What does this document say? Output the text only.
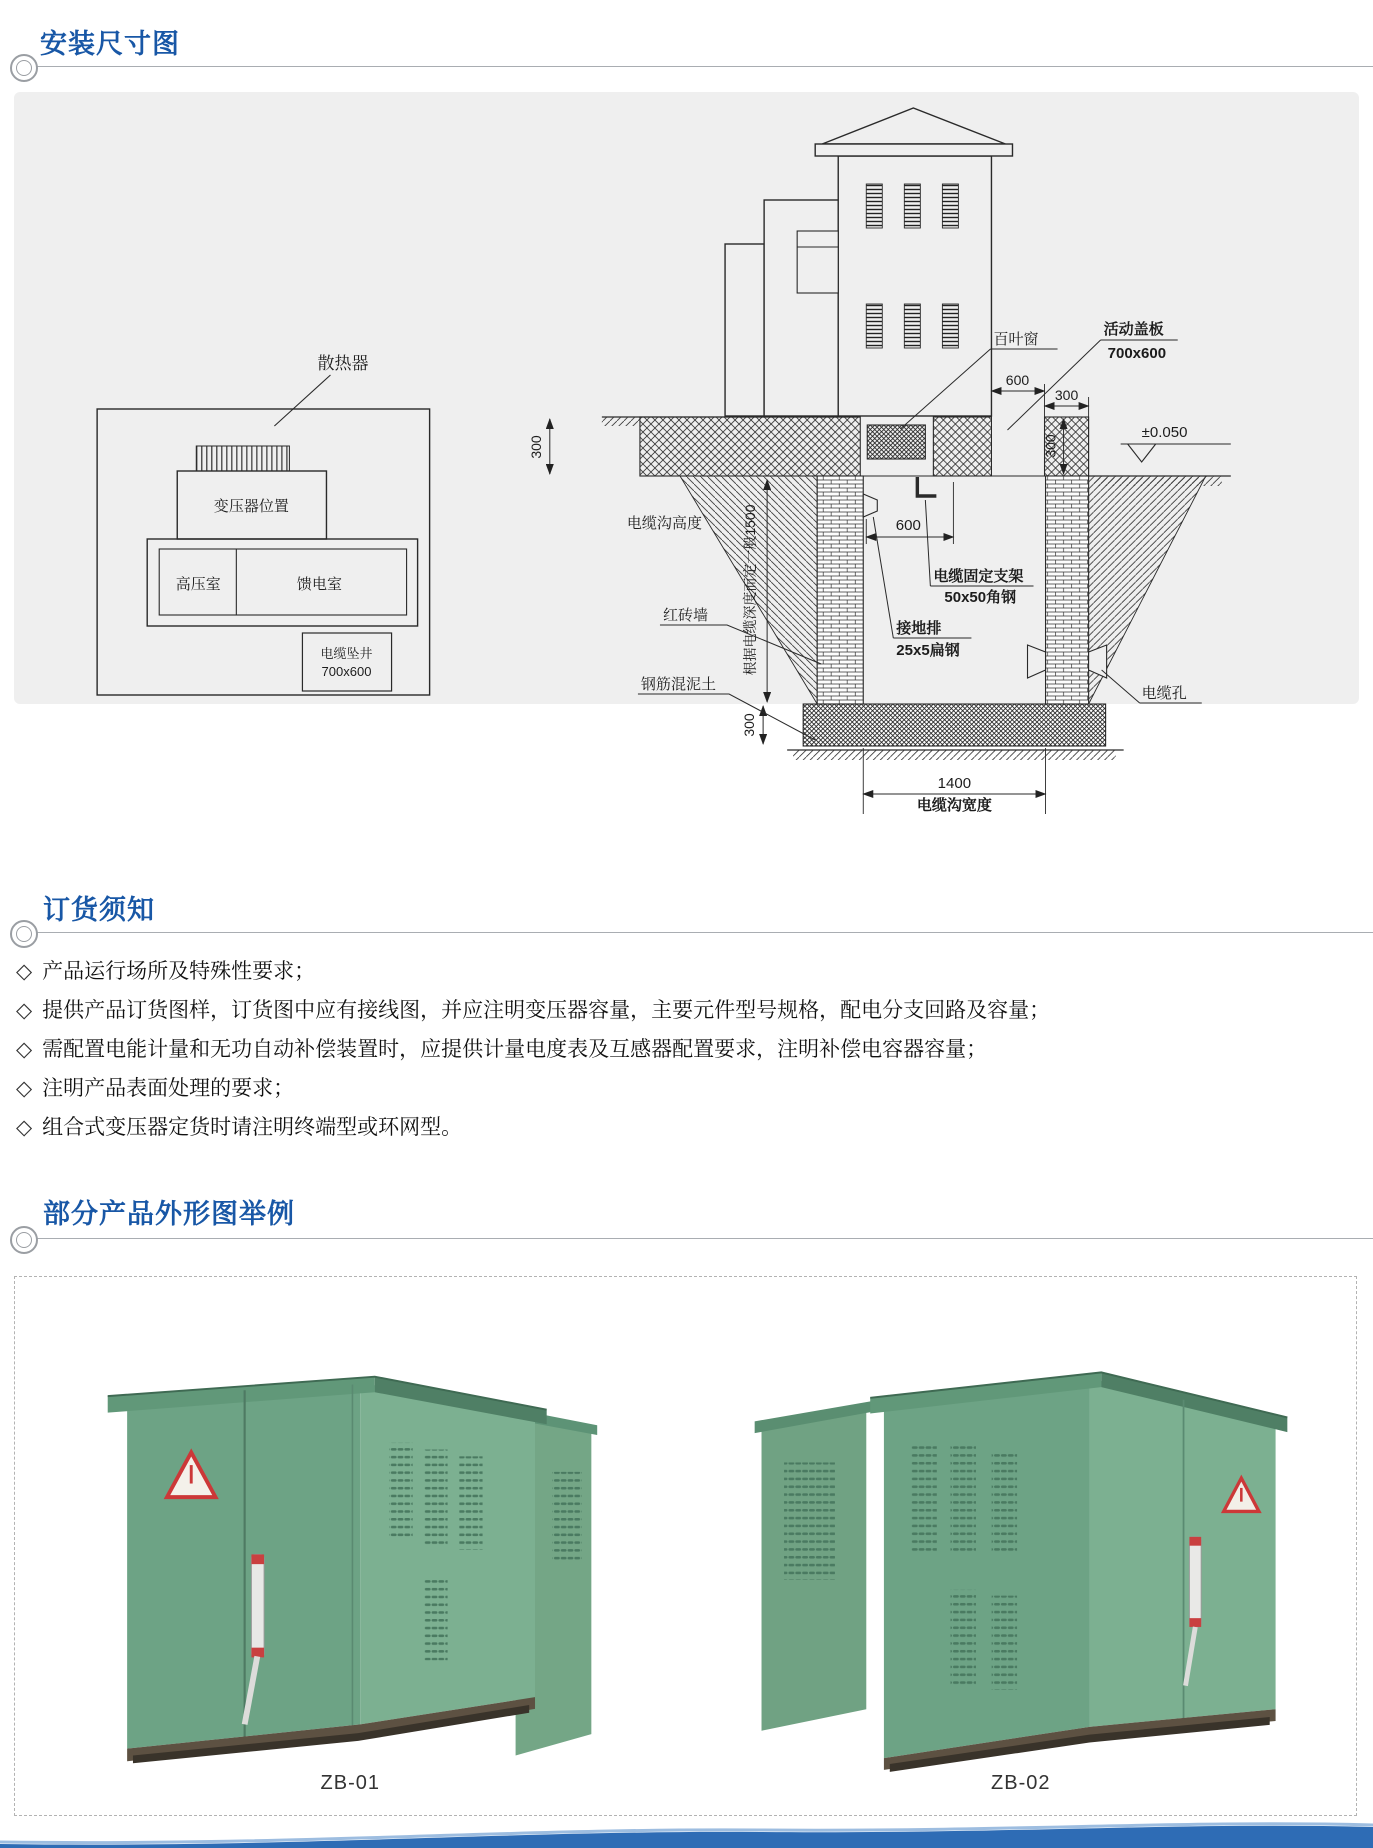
安装尺寸图
散热器
变压器位置
高压室	馈电室
电缆坠井
700x600
600
300
300	300
600
根据电缆深度而定一般1500
电缆沟高度
300
1400
电缆沟宽度
百叶窗
活动盖板
700x600
±0.050
红砖墙
钢筋混泥土
电缆固定支架
50x50角钢
接地排
25x5扁钢
电缆孔
订货须知
◇ 产品运行场所及特殊性要求；
◇ 提供产品订货图样，订货图中应有接线图，并应注明变压器容量，主要元件型号规格，配电分支回路及容量；
◇ 需配置电能计量和无功自动补偿装置时，应提供计量电度表及互感器配置要求，注明补偿电容器容量；
◇ 注明产品表面处理的要求；
◇ 组合式变压器定货时请注明终端型或环网型。
部分产品外形图举例
ZB-01	ZB-02
